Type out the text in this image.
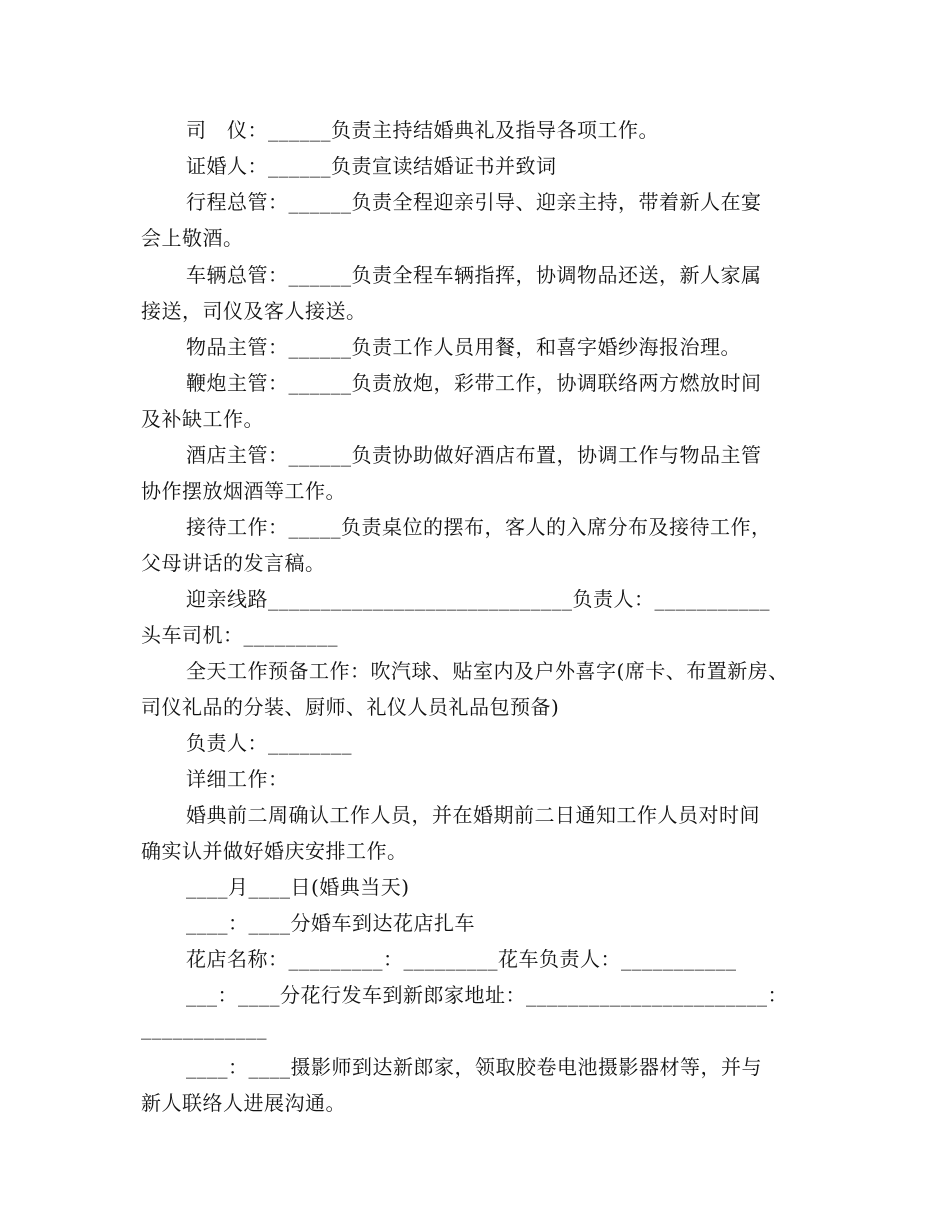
司　仪：______负责主持结婚典礼及指导各项工作。
证婚人：______负责宣读结婚证书并致词
行程总管：______负责全程迎亲引导、迎亲主持，带着新人在宴
会上敬酒。
车辆总管：______负责全程车辆指挥，协调物品还送，新人家属
接送，司仪及客人接送。
物品主管：______负责工作人员用餐，和喜字婚纱海报治理。
鞭炮主管：______负责放炮，彩带工作，协调联络两方燃放时间
及补缺工作。
酒店主管：______负责协助做好酒店布置，协调工作与物品主管
协作摆放烟酒等工作。
接待工作：_____负责桌位的摆布，客人的入席分布及接待工作，
父母讲话的发言稿。
迎亲线路_____________________________负责人：___________
头车司机：_________
全天工作预备工作：吹汽球、贴室内及户外喜字(席卡、布置新房、
司仪礼品的分装、厨师、礼仪人员礼品包预备)
负责人：________
详细工作：
婚典前二周确认工作人员，并在婚期前二日通知工作人员对时间
确实认并做好婚庆安排工作。
____月____日(婚典当天)
____：____分婚车到达花店扎车
花店名称：_________：_________花车负责人：___________
___：____分花行发车到新郎家地址：_______________________：
____________
____：____摄影师到达新郎家，领取胶卷电池摄影器材等，并与
新人联络人进展沟通。
